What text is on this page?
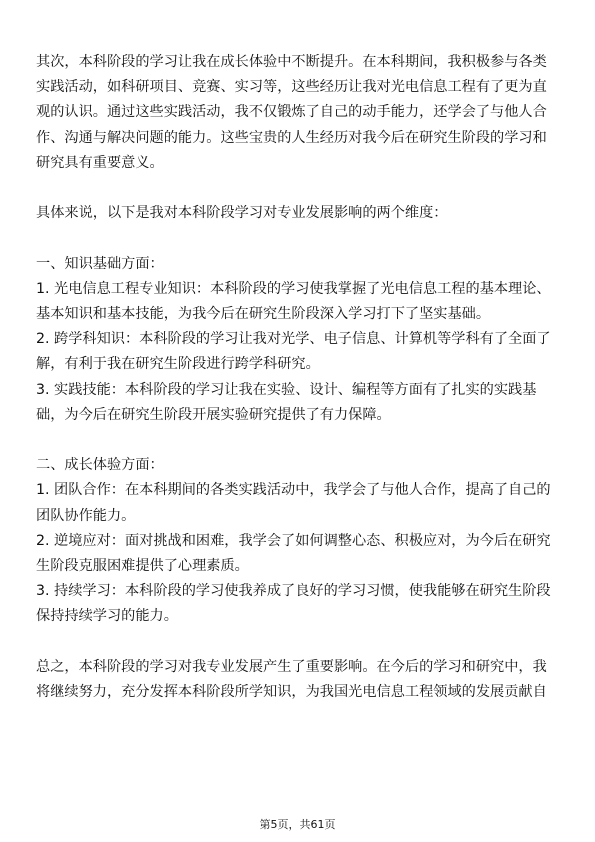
其次，本科阶段的学习让我在成长体验中不断提升。在本科期间，我积极参与各类
实践活动，如科研项目、竞赛、实习等，这些经历让我对光电信息工程有了更为直
观的认识。通过这些实践活动，我不仅锻炼了自己的动手能力，还学会了与他人合
作、沟通与解决问题的能力。这些宝贵的人生经历对我今后在研究生阶段的学习和
研究具有重要意义。

具体来说，以下是我对本科阶段学习对专业发展影响的两个维度：

一、知识基础方面：
1. 光电信息工程专业知识：本科阶段的学习使我掌握了光电信息工程的基本理论、
基本知识和基本技能，为我今后在研究生阶段深入学习打下了坚实基础。
2. 跨学科知识：本科阶段的学习让我对光学、电子信息、计算机等学科有了全面了
解，有利于我在研究生阶段进行跨学科研究。
3. 实践技能：本科阶段的学习让我在实验、设计、编程等方面有了扎实的实践基
础，为今后在研究生阶段开展实验研究提供了有力保障。

二、成长体验方面：
1. 团队合作：在本科期间的各类实践活动中，我学会了与他人合作，提高了自己的
团队协作能力。
2. 逆境应对：面对挑战和困难，我学会了如何调整心态、积极应对，为今后在研究
生阶段克服困难提供了心理素质。
3. 持续学习：本科阶段的学习使我养成了良好的学习习惯，使我能够在研究生阶段
保持持续学习的能力。

总之，本科阶段的学习对我专业发展产生了重要影响。在今后的学习和研究中，我
将继续努力，充分发挥本科阶段所学知识，为我国光电信息工程领域的发展贡献自

第5页，共61页
